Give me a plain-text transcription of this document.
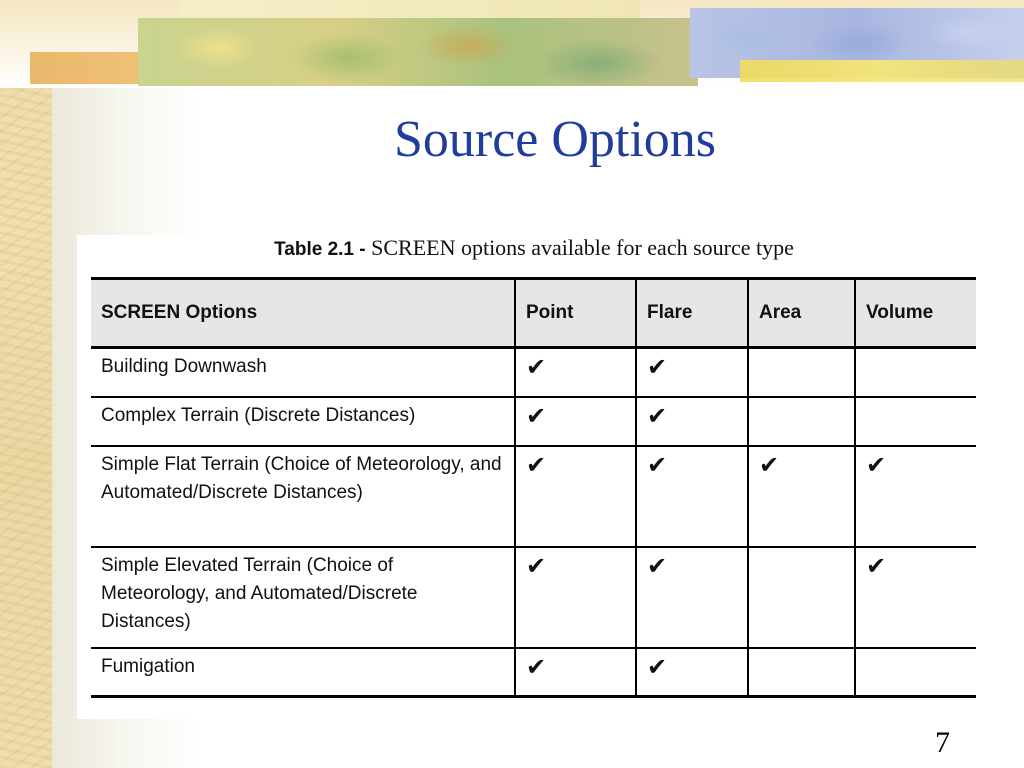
Source Options
Table 2.1 - SCREEN options available for each source type
SCREEN Options	Point	Flare	Area	Volume
Building Downwash	✔	✔		
Complex Terrain (Discrete Distances)	✔	✔		
Simple Flat Terrain (Choice of Meteorology, and Automated/Discrete Distances)	✔	✔	✔	✔
Simple Elevated Terrain (Choice of Meteorology, and Automated/Discrete Distances)	✔	✔		✔
Fumigation	✔	✔		
7
